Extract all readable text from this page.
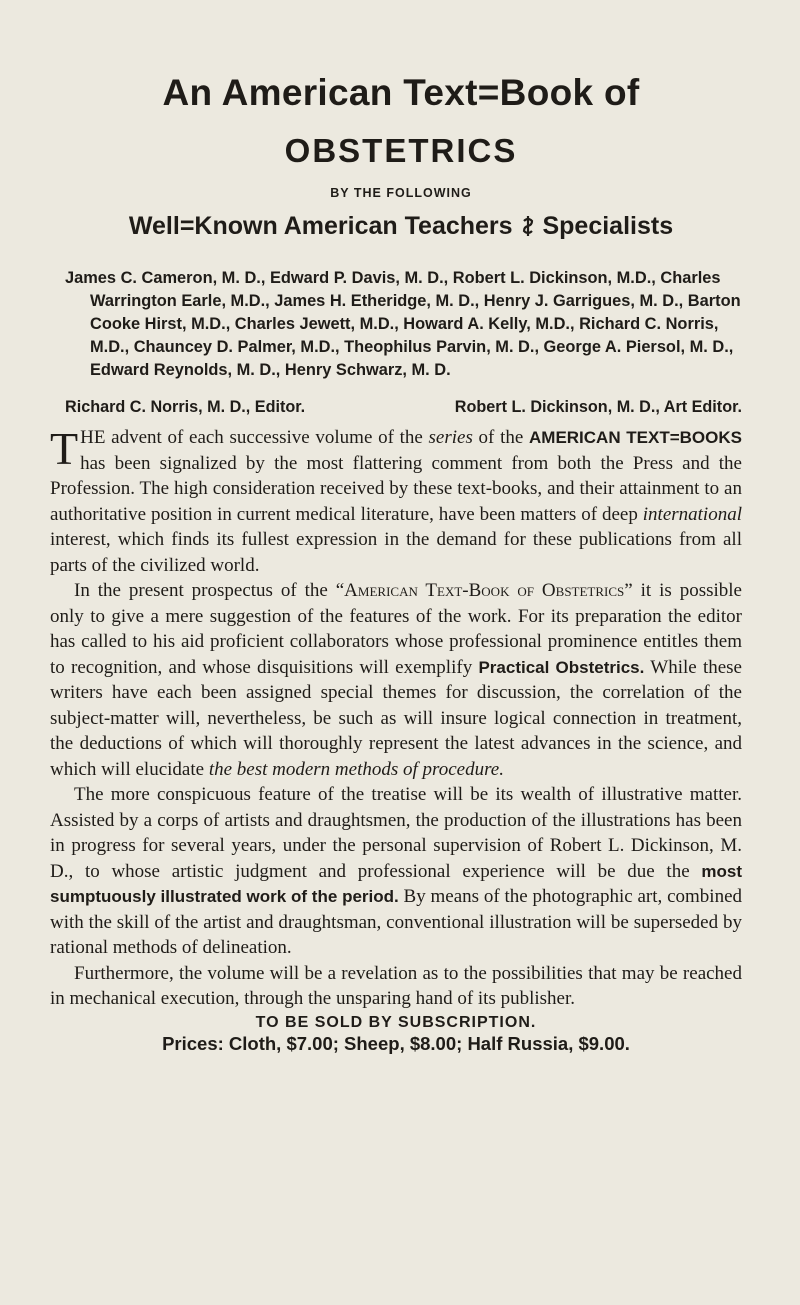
An American Text=Book of
OBSTETRICS
BY THE FOLLOWING
Well=Known American Teachers Specialists
James C. Cameron, M. D., Edward P. Davis, M. D., Robert L. Dickinson, M.D., Charles Warrington Earle, M.D., James H. Etheridge, M. D., Henry J. Garrigues, M. D., Barton Cooke Hirst, M.D., Charles Jewett, M.D., Howard A. Kelly, M.D., Richard C. Norris, M.D., Chauncey D. Palmer, M.D., Theophilus Parvin, M. D., George A. Piersol, M. D., Edward Reynolds, M. D., Henry Schwarz, M. D.
Richard C. Norris, M. D., Editor.	Robert L. Dickinson, M. D., Art Editor.

THE advent of each successive volume of the series of the AMERICAN TEXT=BOOKS has been signalized by the most flattering comment from both the Press and the Profession. The high consideration received by these text-books, and their attainment to an authoritative position in current medical literature, have been matters of deep international interest, which finds its fullest expression in the demand for these publications from all parts of the civilized world.

In the present prospectus of the “American Text-Book of Obstetrics” it is possible only to give a mere suggestion of the features of the work. For its preparation the editor has called to his aid proficient collaborators whose professional prominence entitles them to recognition, and whose disquisitions will exemplify Practical Obstetrics. While these writers have each been assigned special themes for discussion, the correlation of the subject-matter will, nevertheless, be such as will insure logical connection in treatment, the deductions of which will thoroughly represent the latest advances in the science, and which will elucidate the best modern methods of procedure.

The more conspicuous feature of the treatise will be its wealth of illustrative matter. Assisted by a corps of artists and draughtsmen, the production of the illustrations has been in progress for several years, under the personal supervision of Robert L. Dickinson, M. D., to whose artistic judgment and professional experience will be due the most sumptuously illustrated work of the period. By means of the photographic art, combined with the skill of the artist and draughtsman, conventional illustration will be superseded by rational methods of delineation.

Furthermore, the volume will be a revelation as to the possibilities that may be reached in mechanical execution, through the unsparing hand of its publisher.

TO BE SOLD BY SUBSCRIPTION.
Prices: Cloth, $7.00; Sheep, $8.00; Half Russia, $9.00.
